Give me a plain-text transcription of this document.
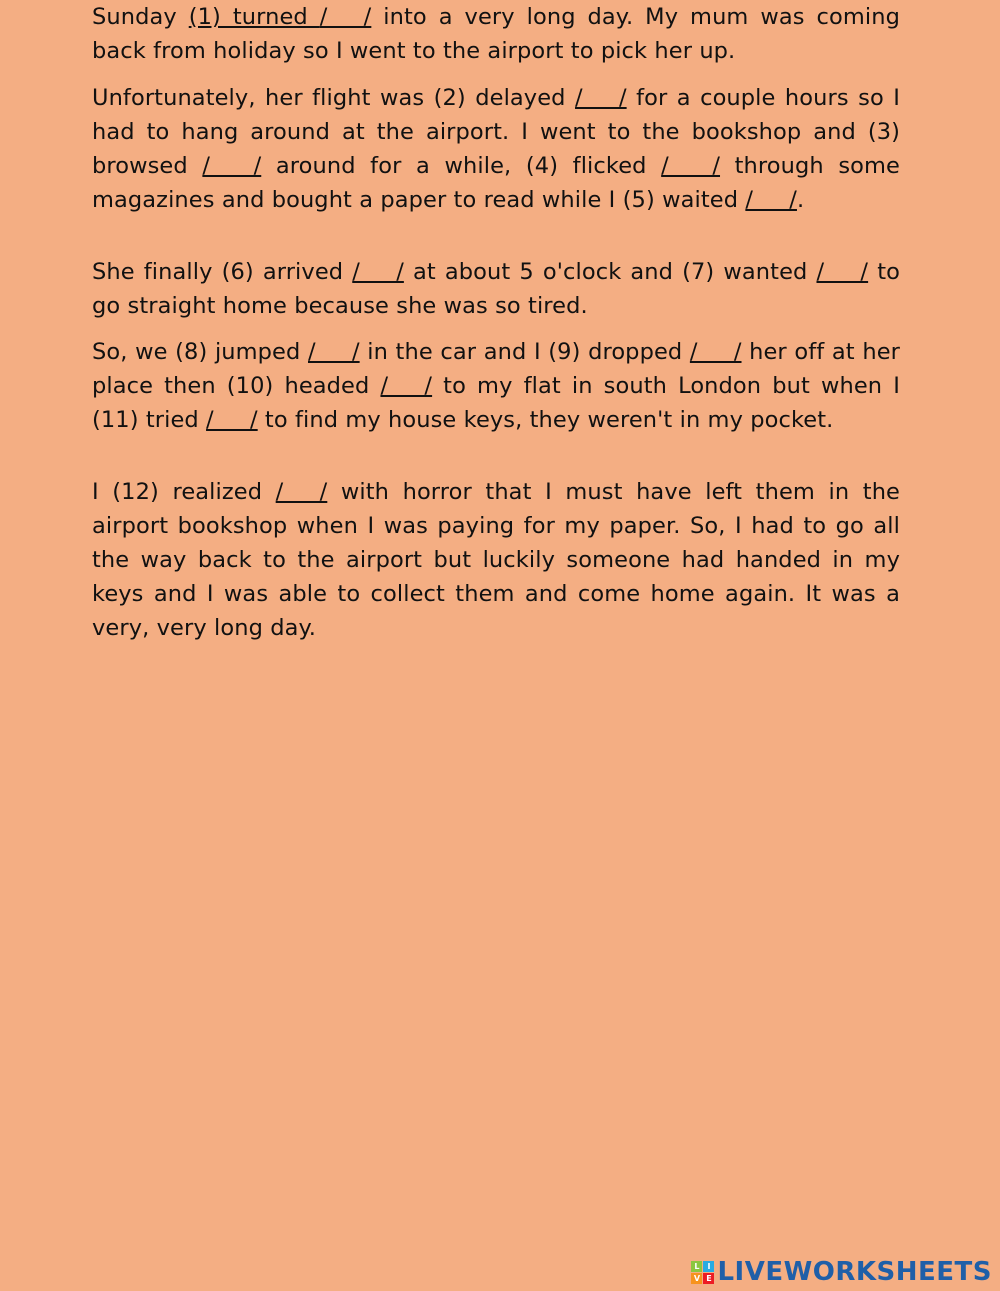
Sunday (1) turned /     / into a very long day. My mum was coming back from holiday so I went to the airport to pick her up.

Unfortunately, her flight was (2) delayed /     / for a couple hours so I had to hang around at the airport. I went to the bookshop and (3) browsed /      / around for a while, (4) flicked /      / through some magazines and bought a paper to read while I (5) waited /     /.

She finally (6) arrived /     / at about 5 o'clock and (7) wanted /     / to go straight home because she was so tired.

So, we (8) jumped /     / in the car and I (9) dropped /     / her off at her place then (10) headed /     / to my flat in south London but when I (11) tried /     / to find my house keys, they weren't in my pocket.

I (12) realized /     / with horror that I must have left them in the airport bookshop when I was paying for my paper. So, I had to go all the way back to the airport but luckily someone had handed in my keys and I was able to collect them and come home again. It was a very, very long day.

L I
V E LIVEWORKSHEETS
